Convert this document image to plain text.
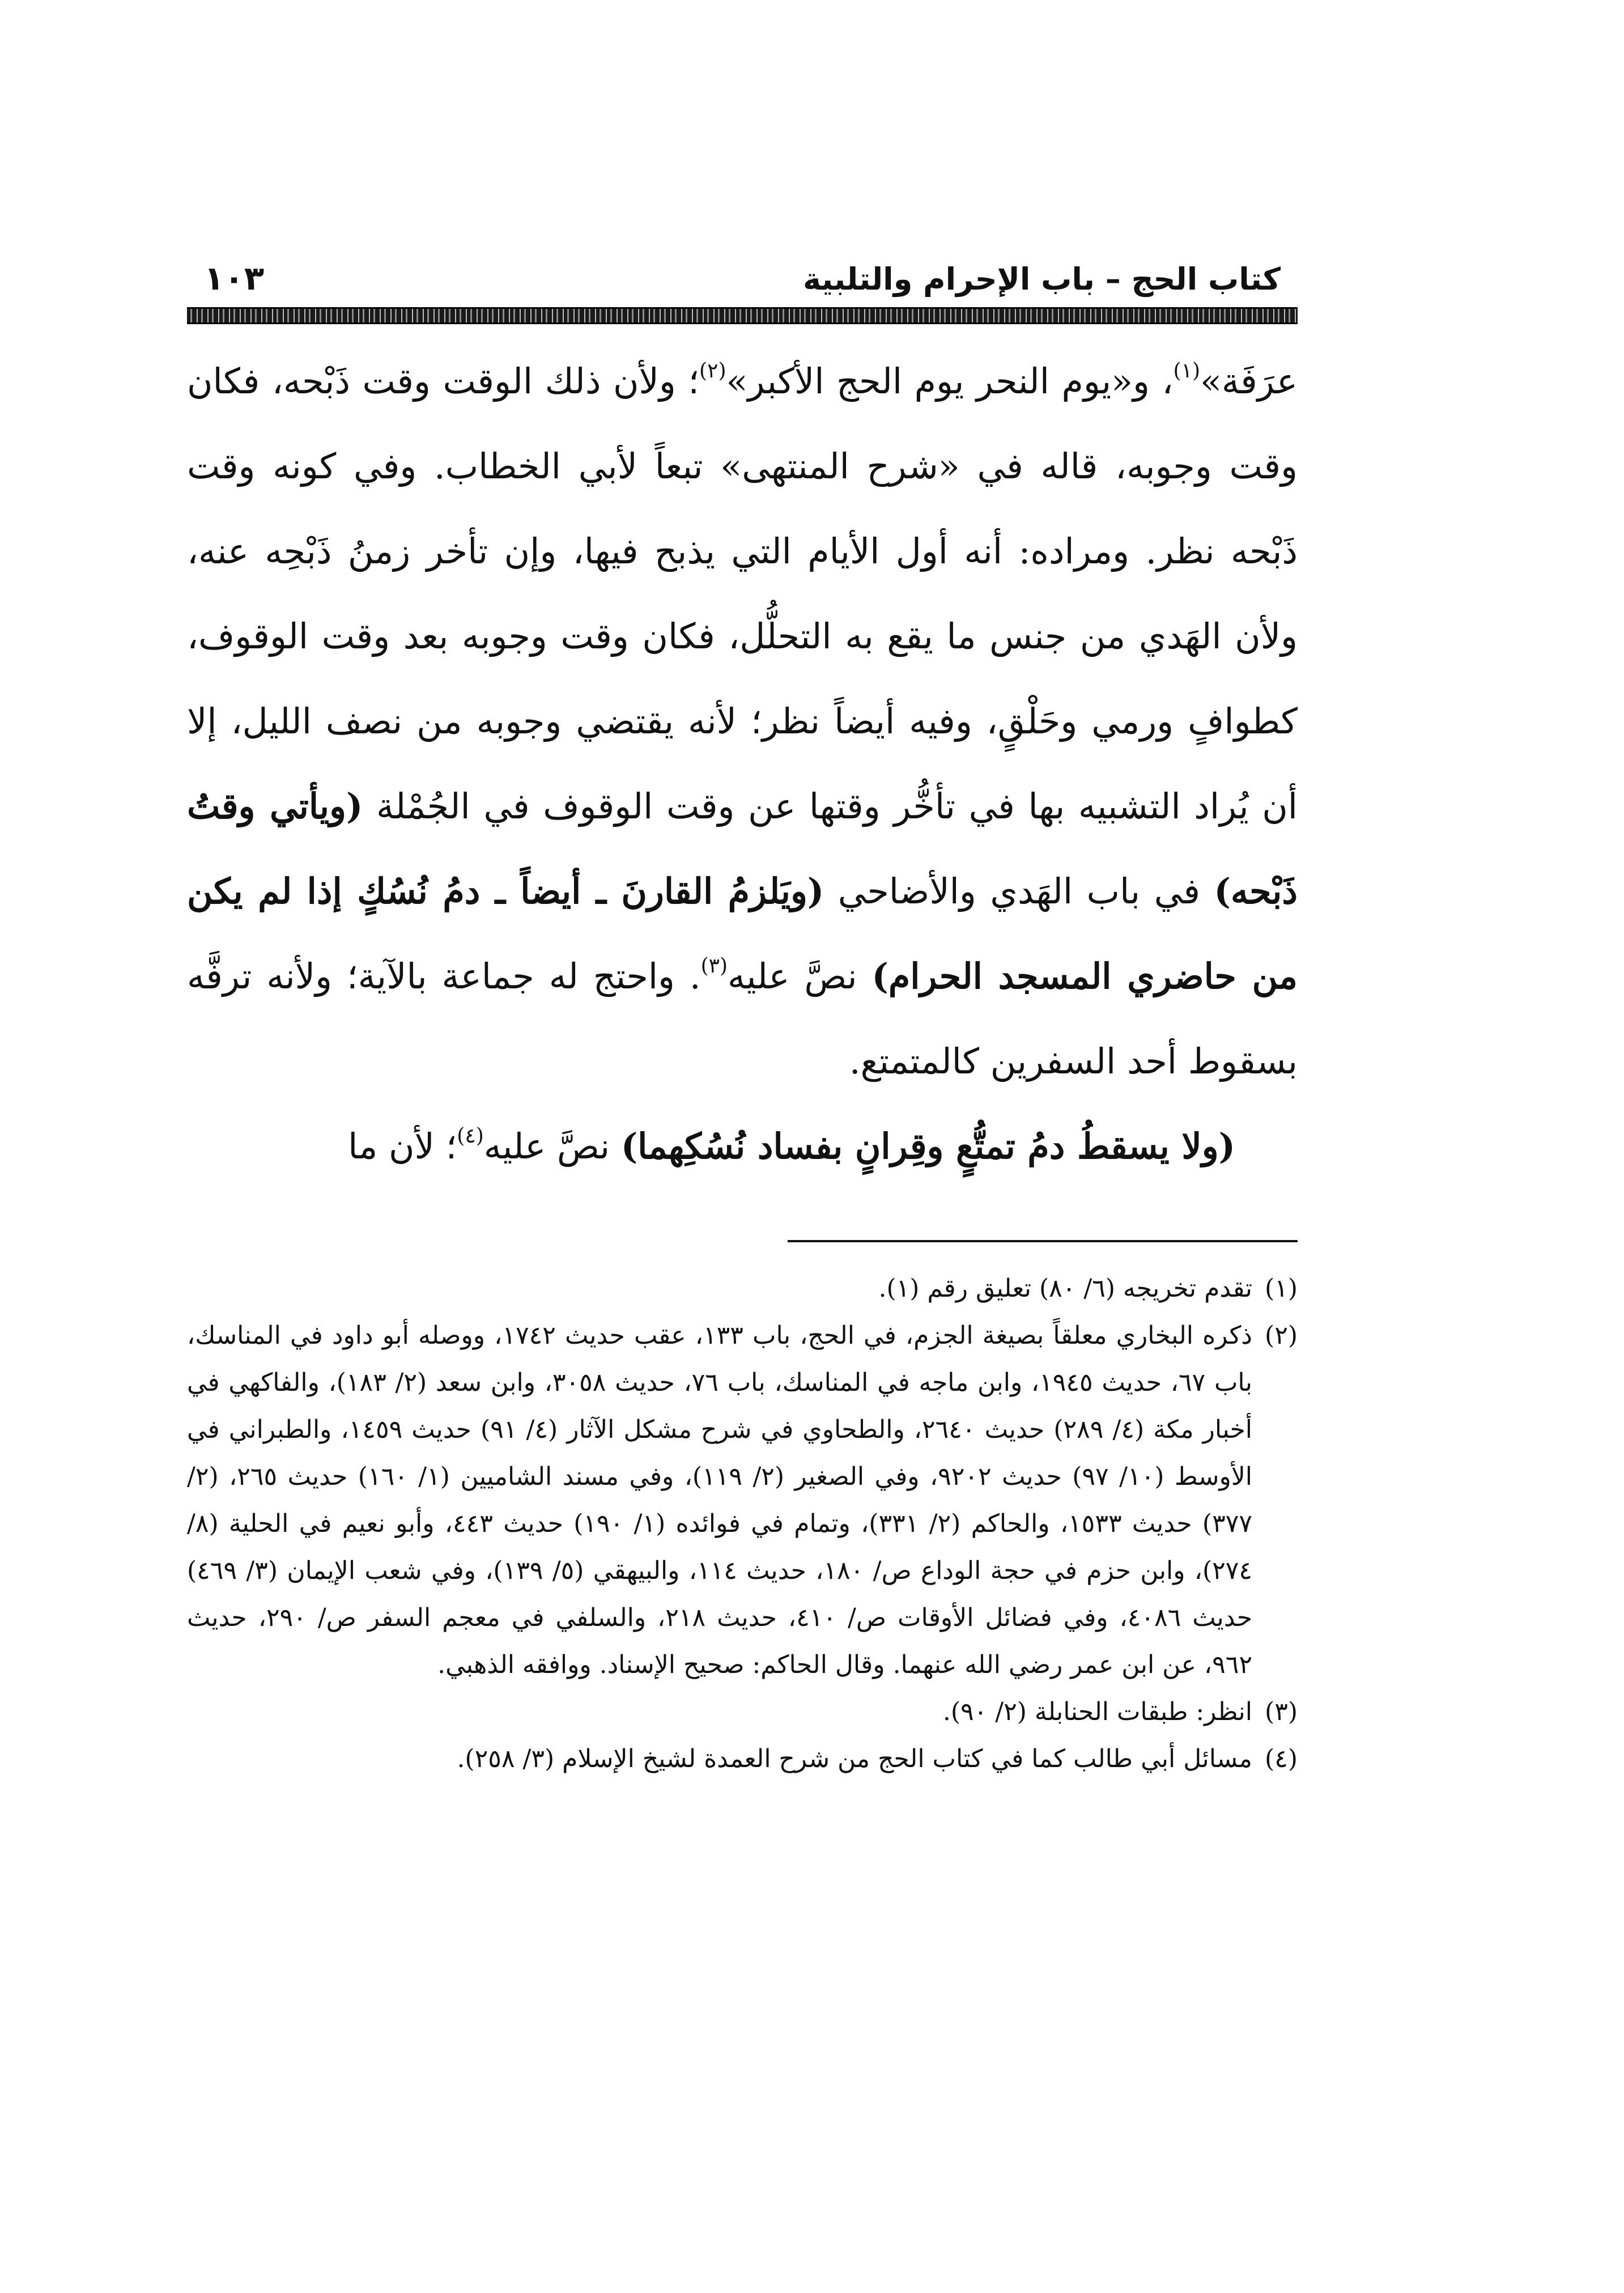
كتاب الحج – باب الإحرام والتلبية
١٠٣

عرَفَة»$^{(١)}$، و«يوم النحر يوم الحج الأكبر»$^{(٢)}$؛ ولأن ذلك الوقت وقت ذَبْحه، فكان وقت وجوبه، قاله في «شرح المنتهى» تبعاً لأبي الخطاب. وفي كونه وقت ذَبْحه نظر. ومراده: أنه أول الأيام التي يذبح فيها، وإن تأخر زمنُ ذَبْحِه عنه، ولأن الهَدي من جنس ما يقع به التحلُّل، فكان وقت وجوبه بعد وقت الوقوف، كطوافٍ ورمي وحَلْقٍ، وفيه أيضاً نظر؛ لأنه يقتضي وجوبه من نصف الليل، إلا أن يُراد التشبيه بها في تأخُّر وقتها عن وقت الوقوف في الجُمْلة (ويأتي وقتُ ذَبْحه) في باب الهَدي والأضاحي (ويَلزمُ القارنَ ـ أيضاً ـ دمُ نُسُكٍ إذا لم يكن من حاضري المسجد الحرام) نصَّ عليه$^{(٣)}$. واحتج له جماعة بالآية؛ ولأنه ترفَّه بسقوط أحد السفرين كالمتمتع.

(ولا يسقطُ دمُ تمتُّعٍ وقِرانٍ بفساد نُسُكِهما) نصَّ عليه$^{(٤)}$؛ لأن ما

(١)
تقدم تخريجه (٦/ ٨٠) تعليق رقم (١).
(٢)
ذكره البخاري معلقاً بصيغة الجزم، في الحج، باب ١٣٣، عقب حديث ١٧٤٢، ووصله أبو داود في المناسك، باب ٦٧، حديث ١٩٤٥، وابن ماجه في المناسك، باب ٧٦، حديث ٣٠٥٨، وابن سعد (٢/ ١٨٣)، والفاكهي في أخبار مكة (٤/ ٢٨٩) حديث ٢٦٤٠، والطحاوي في شرح مشكل الآثار (٤/ ٩١) حديث ١٤٥٩، والطبراني في الأوسط (١٠/ ٩٧) حديث ٩٢٠٢، وفي الصغير (٢/ ١١٩)، وفي مسند الشاميين (١/ ١٦٠) حديث ٢٦٥، (٢/ ٣٧٧) حديث ١٥٣٣، والحاكم (٢/ ٣٣١)، وتمام في فوائده (١/ ١٩٠) حديث ٤٤٣، وأبو نعيم في الحلية (٨/ ٢٧٤)، وابن حزم في حجة الوداع ص/ ١٨٠، حديث ١١٤، والبيهقي (٥/ ١٣٩)، وفي شعب الإيمان (٣/ ٤٦٩) حديث ٤٠٨٦، وفي فضائل الأوقات ص/ ٤١٠، حديث ٢١٨، والسلفي في معجم السفر ص/ ٢٩٠، حديث ٩٦٢، عن ابن عمر رضي الله عنهما. وقال الحاكم: صحيح الإسناد. ووافقه الذهبي.
(٣)
انظر: طبقات الحنابلة (٢/ ٩٠).
(٤)
مسائل أبي طالب كما في كتاب الحج من شرح العمدة لشيخ الإسلام (٣/ ٢٥٨).
